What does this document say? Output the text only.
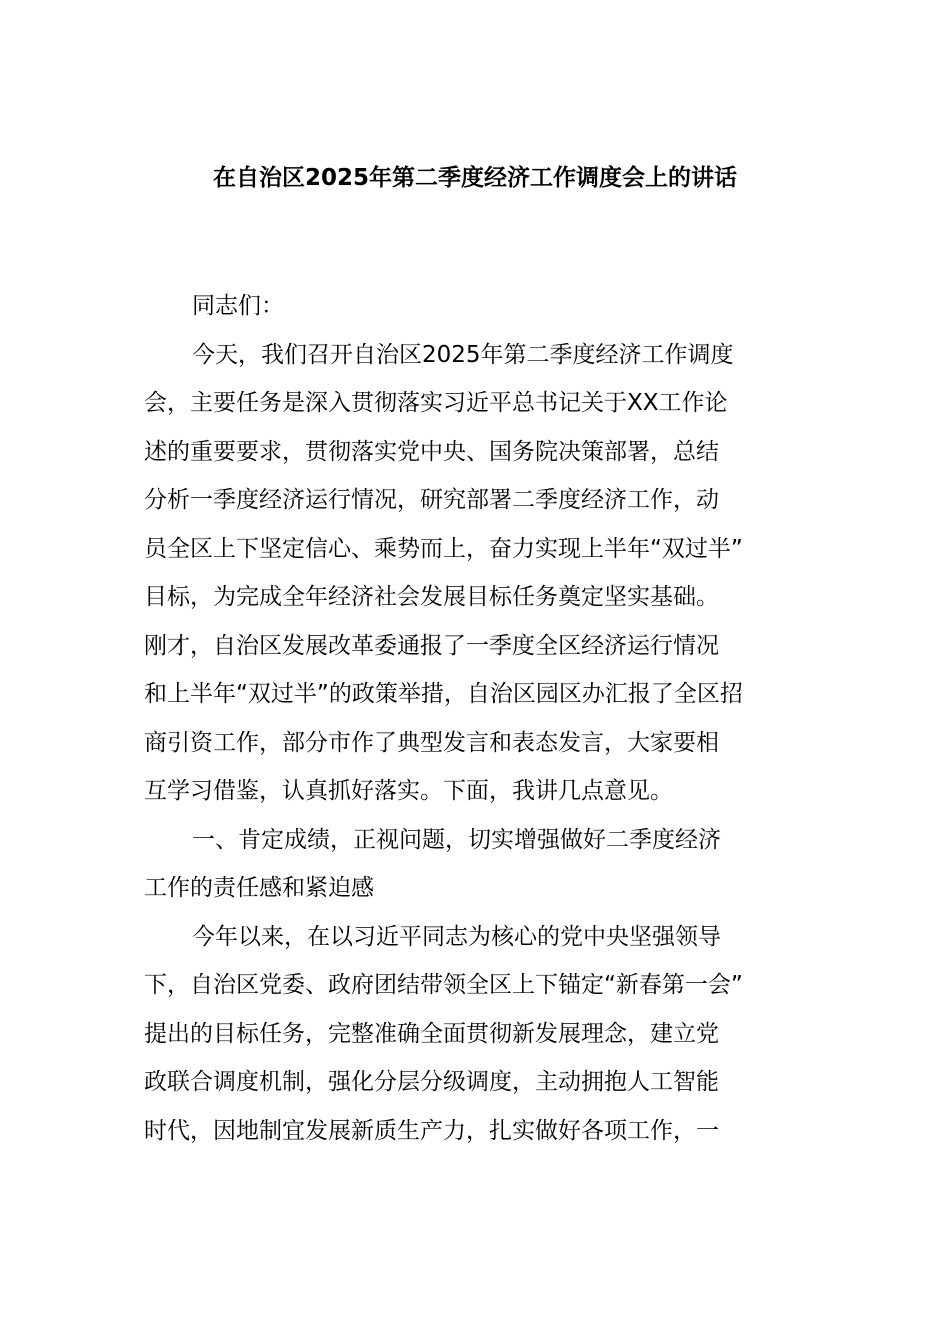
在自治区2025年第二季度经济工作调度会上的讲话
同志们：
今天，我们召开自治区2025年第二季度经济工作调度
会，主要任务是深入贯彻落实习近平总书记关于XX工作论
述的重要要求，贯彻落实党中央、国务院决策部署，总结
分析一季度经济运行情况，研究部署二季度经济工作，动
员全区上下坚定信心、乘势而上，奋力实现上半年“双过半”
目标，为完成全年经济社会发展目标任务奠定坚实基础。
刚才，自治区发展改革委通报了一季度全区经济运行情况
和上半年“双过半”的政策举措，自治区园区办汇报了全区招
商引资工作，部分市作了典型发言和表态发言，大家要相
互学习借鉴，认真抓好落实。下面，我讲几点意见。
一、肯定成绩，正视问题，切实增强做好二季度经济
工作的责任感和紧迫感
今年以来，在以习近平同志为核心的党中央坚强领导
下，自治区党委、政府团结带领全区上下锚定“新春第一会”
提出的目标任务，完整准确全面贯彻新发展理念，建立党
政联合调度机制，强化分层分级调度，主动拥抱人工智能
时代，因地制宜发展新质生产力，扎实做好各项工作，一
